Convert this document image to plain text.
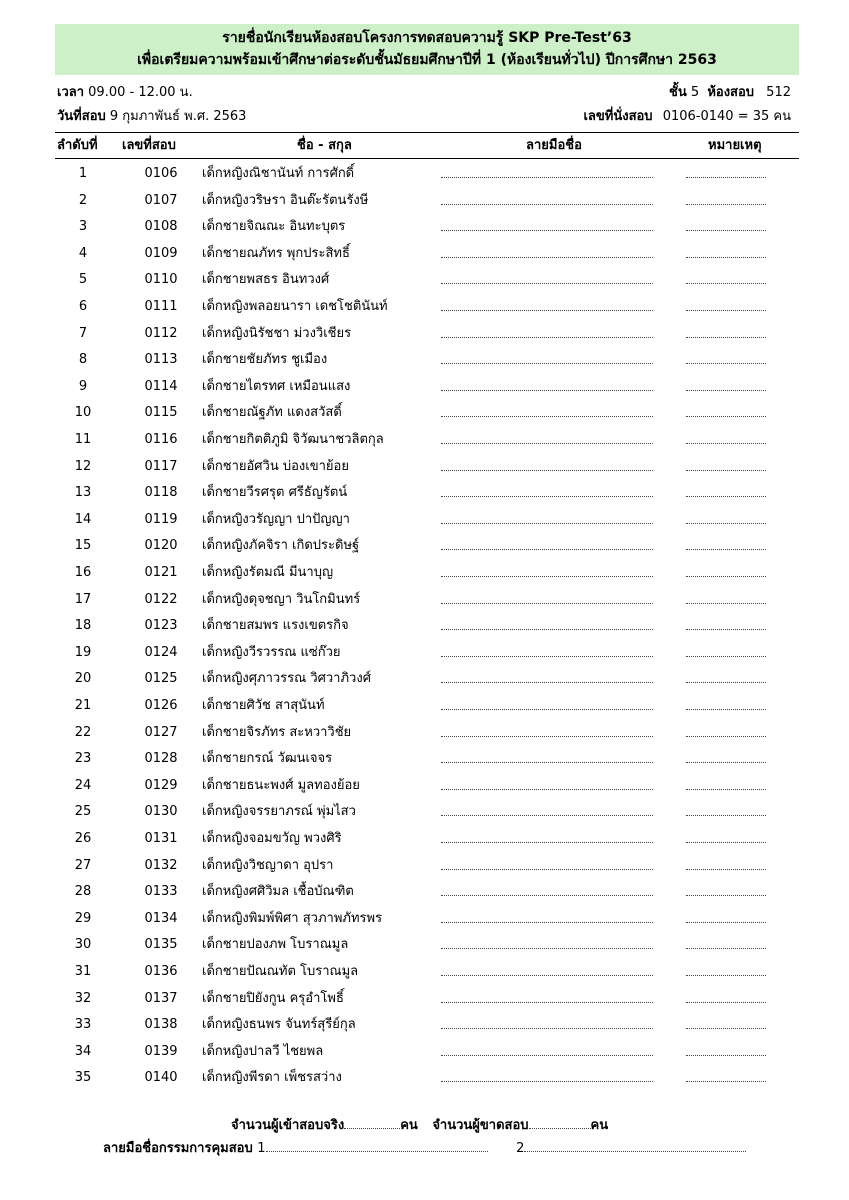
รายชื่อนักเรียนห้องสอบโครงการทดสอบความรู้ SKP Pre-Test’63
เพื่อเตรียมความพร้อมเข้าศึกษาต่อระดับชั้นมัธยมศึกษาปีที่ 1 (ห้องเรียนทั่วไป) ปีการศึกษา 2563
เวลา 09.00 - 12.00 น.	ชั้น 5 ห้องสอบ 512
วันที่สอบ 9 กุมภาพันธ์ พ.ศ. 2563	เลขที่นั่งสอบ 0106-0140 = 35 คน
ลำดับที่ เลขที่สอบ	ชื่อ - สกุล	ลายมือชื่อ	หมายเหตุ
1	0106	เด็กหญิงณิชานันท์ การศักดิ์
2	0107	เด็กหญิงวริษรา อินต๊ะรัตนรังษี
3	0108	เด็กชายจิณณะ อินทะบุตร
4	0109	เด็กชายณภัทร พุกประสิทธิ์
5	0110	เด็กชายพสธร อินทวงศ์
6	0111	เด็กหญิงพลอยนารา เดชโชตินันท์
7	0112	เด็กหญิงนิรัชชา ม่วงวิเชียร
8	0113	เด็กชายชัยภัทร ชูเมือง
9	0114	เด็กชายไตรทศ เหมือนแสง
10	0115	เด็กชายณัฐภัท แดงสวัสดิ์
11	0116	เด็กชายกิตติภูมิ จิวัฒนาชวลิตกุล
12	0117	เด็กชายอัศวิน บ่องเขาย้อย
13	0118	เด็กชายวีรศรุต ศรีธัญรัตน์
14	0119	เด็กหญิงวรัญญา ปาปัญญา
15	0120	เด็กหญิงภัคจิรา เกิดประดิษฐ์
16	0121	เด็กหญิงรัตมณี มีนาบุญ
17	0122	เด็กหญิงดุจชญา วินโกมินทร์
18	0123	เด็กชายสมพร แรงเขตรกิจ
19	0124	เด็กหญิงวีรวรรณ แซ่ก๊วย
20	0125	เด็กหญิงศุภาวรรณ วิศวาภิวงศ์
21	0126	เด็กชายศิวัช สาสุนันท์
22	0127	เด็กชายจิรภัทร สะหวาวิชัย
23	0128	เด็กชายกรณ์ วัฒนเจจร
24	0129	เด็กชายธนะพงศ์ มูลทองย้อย
25	0130	เด็กหญิงจรรยาภรณ์ พุ่มไสว
26	0131	เด็กหญิงจอมขวัญ พวงศิริ
27	0132	เด็กหญิงวิชญาดา อุปรา
28	0133	เด็กหญิงศศิวิมล เชื้อบัณฑิต
29	0134	เด็กหญิงพิมพ์พิศา สุวภาพภัทรพร
30	0135	เด็กชายปองภพ โบราณมูล
31	0136	เด็กชายปัณณทัต โบราณมูล
32	0137	เด็กชายปิยังกูน ครุอำโพธิ์
33	0138	เด็กหญิงธนพร จันทร์สุรีย์กุล
34	0139	เด็กหญิงปาลวี ไชยพล
35	0140	เด็กหญิงพีรดา เพ็ชรสว่าง
จำนวนผู้เข้าสอบจริง	คน จำนวนผู้ขาดสอบ	คน
ลายมือชื่อกรรมการคุมสอบ 1	2
